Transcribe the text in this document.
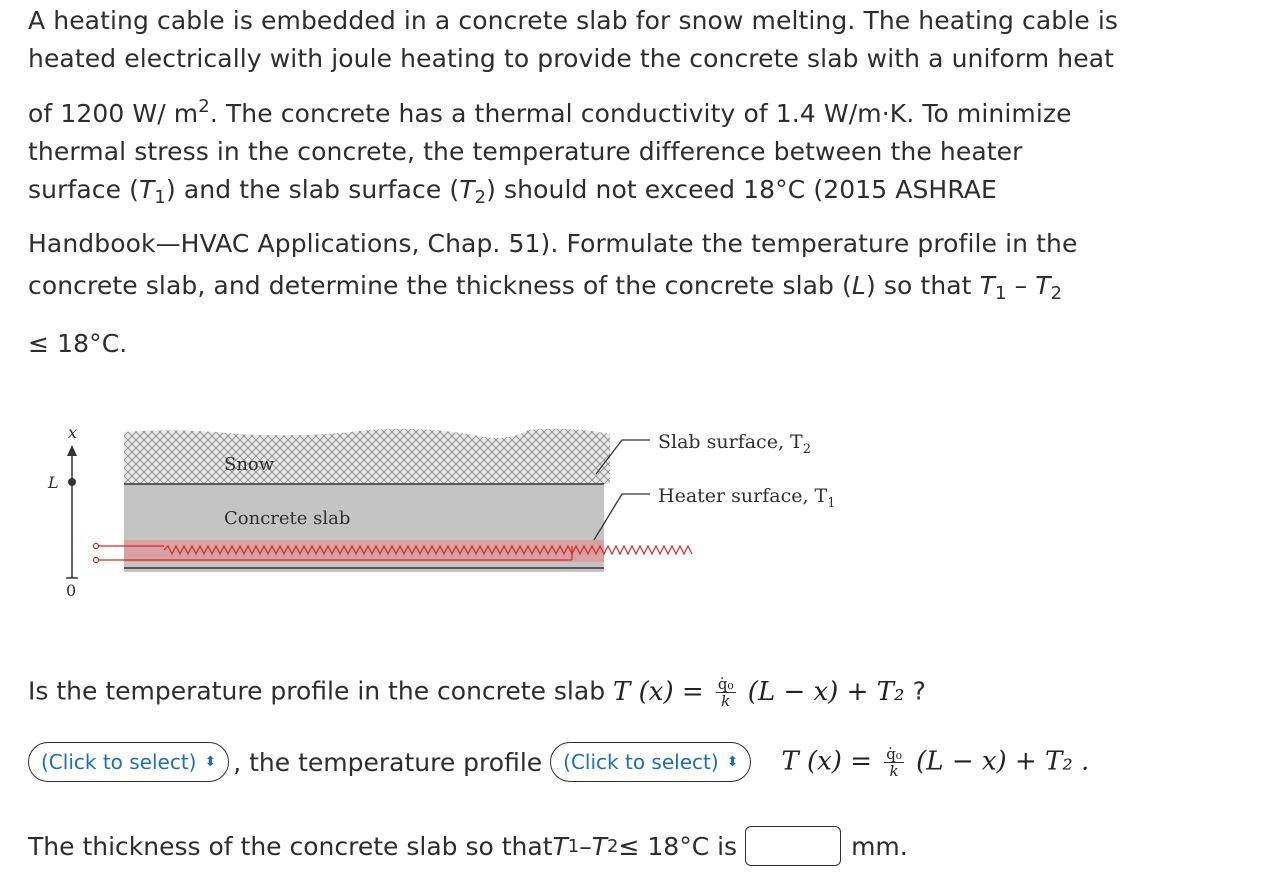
A heating cable is embedded in a concrete slab for snow melting. The heating cable is

heated electrically with joule heating to provide the concrete slab with a uniform heat

of 1200 W/ $m^2$. The concrete has a thermal conductivity of 1.4 W/m·K. To minimize

thermal stress in the concrete, the temperature difference between the heater

surface $(T_1)$ and the slab surface $(T_2)$ should not exceed 18°C (2015 ASHRAE

Handbook—HVAC Applications, Chap. 51). Formulate the temperature profile in the

concrete slab, and determine the thickness of the concrete slab (L) so that $T_1 - T_2$

≤ 18°C.

x
L
0
Snow
Concrete slab
Slab surface, $T_2$
Heater surface, $T_1$
Is the temperature profile in the concrete slab T $(x) = \frac{\text{q̇₀}}{k} (L - x) + T_2$ ?
(Click to select) ⬍ , the temperature profile (Click to select) ⬍ T $(x) = \frac{\text{q̇₀}}{k} (L - x) + T_2$ .
The thickness of the concrete slab so that T 1 – T 2 ≤ 18°C is	mm.
